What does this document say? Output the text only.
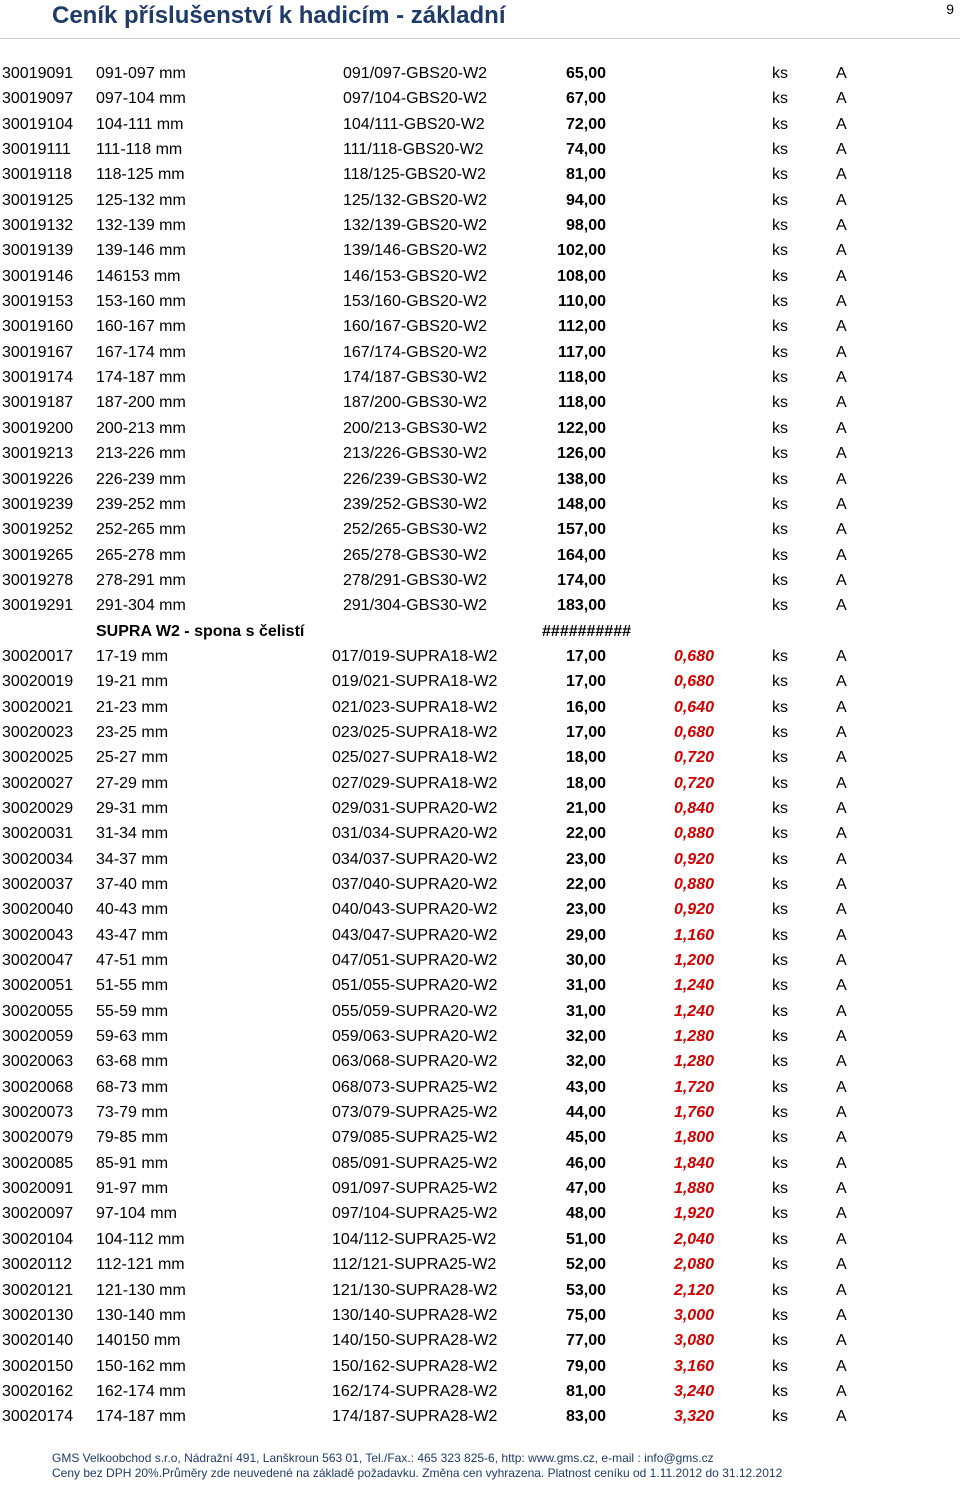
Ceník příslušenství k hadicím - základní	9
30019091 091-097 mm	091/097-GBS20-W2	65,00	ks	A
30019097 097-104 mm	097/104-GBS20-W2	67,00	ks	A
30019104 104-111 mm	104/111-GBS20-W2	72,00	ks	A
30019111 111-118 mm	111/118-GBS20-W2	74,00	ks	A
30019118 118-125 mm	118/125-GBS20-W2	81,00	ks	A
30019125 125-132 mm	125/132-GBS20-W2	94,00	ks	A
30019132 132-139 mm	132/139-GBS20-W2	98,00	ks	A
30019139 139-146 mm	139/146-GBS20-W2	102,00	ks	A
30019146 146153 mm	146/153-GBS20-W2	108,00	ks	A
30019153 153-160 mm	153/160-GBS20-W2	110,00	ks	A
30019160 160-167 mm	160/167-GBS20-W2	112,00	ks	A
30019167 167-174 mm	167/174-GBS20-W2	117,00	ks	A
30019174 174-187 mm	174/187-GBS30-W2	118,00	ks	A
30019187 187-200 mm	187/200-GBS30-W2	118,00	ks	A
30019200 200-213 mm	200/213-GBS30-W2	122,00	ks	A
30019213 213-226 mm	213/226-GBS30-W2	126,00	ks	A
30019226 226-239 mm	226/239-GBS30-W2	138,00	ks	A
30019239 239-252 mm	239/252-GBS30-W2	148,00	ks	A
30019252 252-265 mm	252/265-GBS30-W2	157,00	ks	A
30019265 265-278 mm	265/278-GBS30-W2	164,00	ks	A
30019278 278-291 mm	278/291-GBS30-W2	174,00	ks	A
30019291 291-304 mm	291/304-GBS30-W2	183,00	ks	A
SUPRA W2 - spona s čelistí	##########
30020017 17-19 mm	017/019-SUPRA18-W2	17,00	0,680	ks	A
30020019 19-21 mm	019/021-SUPRA18-W2	17,00	0,680	ks	A
30020021 21-23 mm	021/023-SUPRA18-W2	16,00	0,640	ks	A
30020023 23-25 mm	023/025-SUPRA18-W2	17,00	0,680	ks	A
30020025 25-27 mm	025/027-SUPRA18-W2	18,00	0,720	ks	A
30020027 27-29 mm	027/029-SUPRA18-W2	18,00	0,720	ks	A
30020029 29-31 mm	029/031-SUPRA20-W2	21,00	0,840	ks	A
30020031 31-34 mm	031/034-SUPRA20-W2	22,00	0,880	ks	A
30020034 34-37 mm	034/037-SUPRA20-W2	23,00	0,920	ks	A
30020037 37-40 mm	037/040-SUPRA20-W2	22,00	0,880	ks	A
30020040 40-43 mm	040/043-SUPRA20-W2	23,00	0,920	ks	A
30020043 43-47 mm	043/047-SUPRA20-W2	29,00	1,160	ks	A
30020047 47-51 mm	047/051-SUPRA20-W2	30,00	1,200	ks	A
30020051 51-55 mm	051/055-SUPRA20-W2	31,00	1,240	ks	A
30020055 55-59 mm	055/059-SUPRA20-W2	31,00	1,240	ks	A
30020059 59-63 mm	059/063-SUPRA20-W2	32,00	1,280	ks	A
30020063 63-68 mm	063/068-SUPRA20-W2	32,00	1,280	ks	A
30020068 68-73 mm	068/073-SUPRA25-W2	43,00	1,720	ks	A
30020073 73-79 mm	073/079-SUPRA25-W2	44,00	1,760	ks	A
30020079 79-85 mm	079/085-SUPRA25-W2	45,00	1,800	ks	A
30020085 85-91 mm	085/091-SUPRA25-W2	46,00	1,840	ks	A
30020091 91-97 mm	091/097-SUPRA25-W2	47,00	1,880	ks	A
30020097 97-104 mm	097/104-SUPRA25-W2	48,00	1,920	ks	A
30020104 104-112 mm	104/112-SUPRA25-W2	51,00	2,040	ks	A
30020112 112-121 mm	112/121-SUPRA25-W2	52,00	2,080	ks	A
30020121 121-130 mm	121/130-SUPRA28-W2	53,00	2,120	ks	A
30020130 130-140 mm	130/140-SUPRA28-W2	75,00	3,000	ks	A
30020140 140150 mm	140/150-SUPRA28-W2	77,00	3,080	ks	A
30020150 150-162 mm	150/162-SUPRA28-W2	79,00	3,160	ks	A
30020162 162-174 mm	162/174-SUPRA28-W2	81,00	3,240	ks	A
30020174 174-187 mm	174/187-SUPRA28-W2	83,00	3,320	ks	A
GMS Velkoobchod s.r.o, Nádražní 491, Lanškroun 563 01, Tel./Fax.: 465 323 825-6, http: www.gms.cz, e-mail : info@gms.cz
Ceny bez DPH 20%.Průměry zde neuvedené na základě požadavku. Změna cen vyhrazena. Platnost ceníku od 1.11.2012 do 31.12.2012
